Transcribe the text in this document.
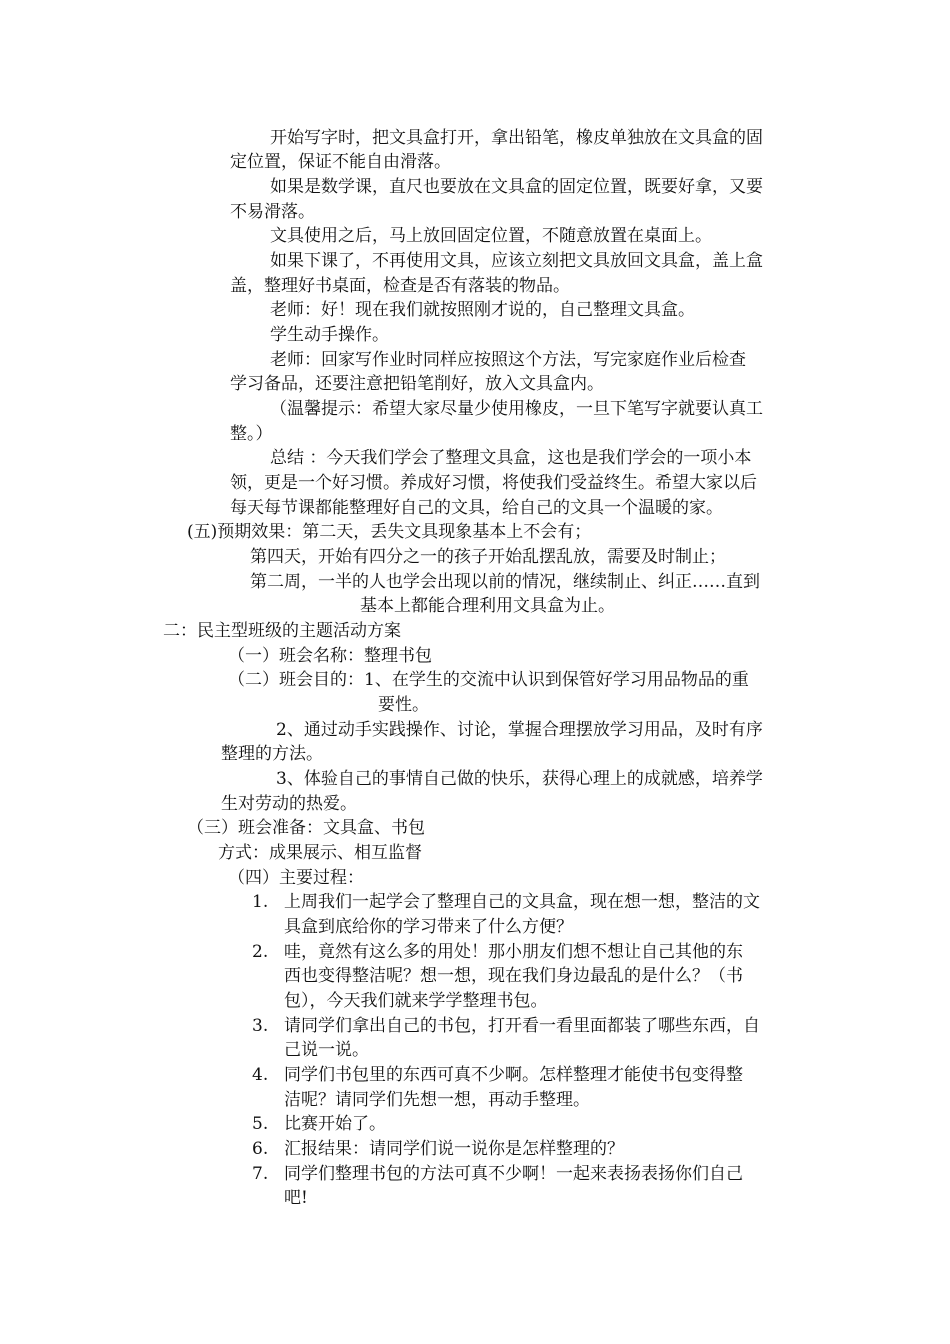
开始写字时，把文具盒打开，拿出铅笔，橡皮单独放在文具盒的固

定位置，保证不能自由滑落。

如果是数学课，直尺也要放在文具盒的固定位置，既要好拿，又要

不易滑落。

文具使用之后，马上放回固定位置，不随意放置在桌面上。

如果下课了，不再使用文具，应该立刻把文具放回文具盒，盖上盒

盖，整理好书桌面，检查是否有落装的物品。

老师：好！现在我们就按照刚才说的，自己整理文具盒。

学生动手操作。

老师：回家写作业时同样应按照这个方法，写完家庭作业后检查

学习备品，还要注意把铅笔削好，放入文具盒内。

（温馨提示：希望大家尽量少使用橡皮，一旦下笔写字就要认真工

整。）

总结 ：今天我们学会了整理文具盒，这也是我们学会的一项小本

领，更是一个好习惯。养成好习惯，将使我们受益终生。希望大家以后

每天每节课都能整理好自己的文具，给自己的文具一个温暖的家。

(五)预期效果：第二天，丢失文具现象基本上不会有；

第四天，开始有四分之一的孩子开始乱摆乱放，需要及时制止；

第二周，一半的人也学会出现以前的情况，继续制止、纠正……直到

基本上都能合理利用文具盒为止。

二：民主型班级的主题活动方案

（一）班会名称：整理书包

（二）班会目的：1、在学生的交流中认识到保管好学习用品物品的重

要性。

2、通过动手实践操作、讨论，掌握合理摆放学习用品，及时有序

整理的方法。

3、体验自己的事情自己做的快乐，获得心理上的成就感，培养学

生对劳动的热爱。

（三）班会准备：文具盒、书包

方式：成果展示、相互监督

（四）主要过程：

1. 上周我们一起学会了整理自己的文具盒，现在想一想，整洁的文

具盒到底给你的学习带来了什么方便？

2. 哇，竟然有这么多的用处！那小朋友们想不想让自己其他的东

西也变得整洁呢？想一想，现在我们身边最乱的是什么？（书

包），今天我们就来学学整理书包。

3. 请同学们拿出自己的书包，打开看一看里面都装了哪些东西，自

己说一说。

4. 同学们书包里的东西可真不少啊。怎样整理才能使书包变得整

洁呢？请同学们先想一想，再动手整理。

5. 比赛开始了。

6. 汇报结果：请同学们说一说你是怎样整理的？

7. 同学们整理书包的方法可真不少啊！一起来表扬表扬你们自己

吧!
